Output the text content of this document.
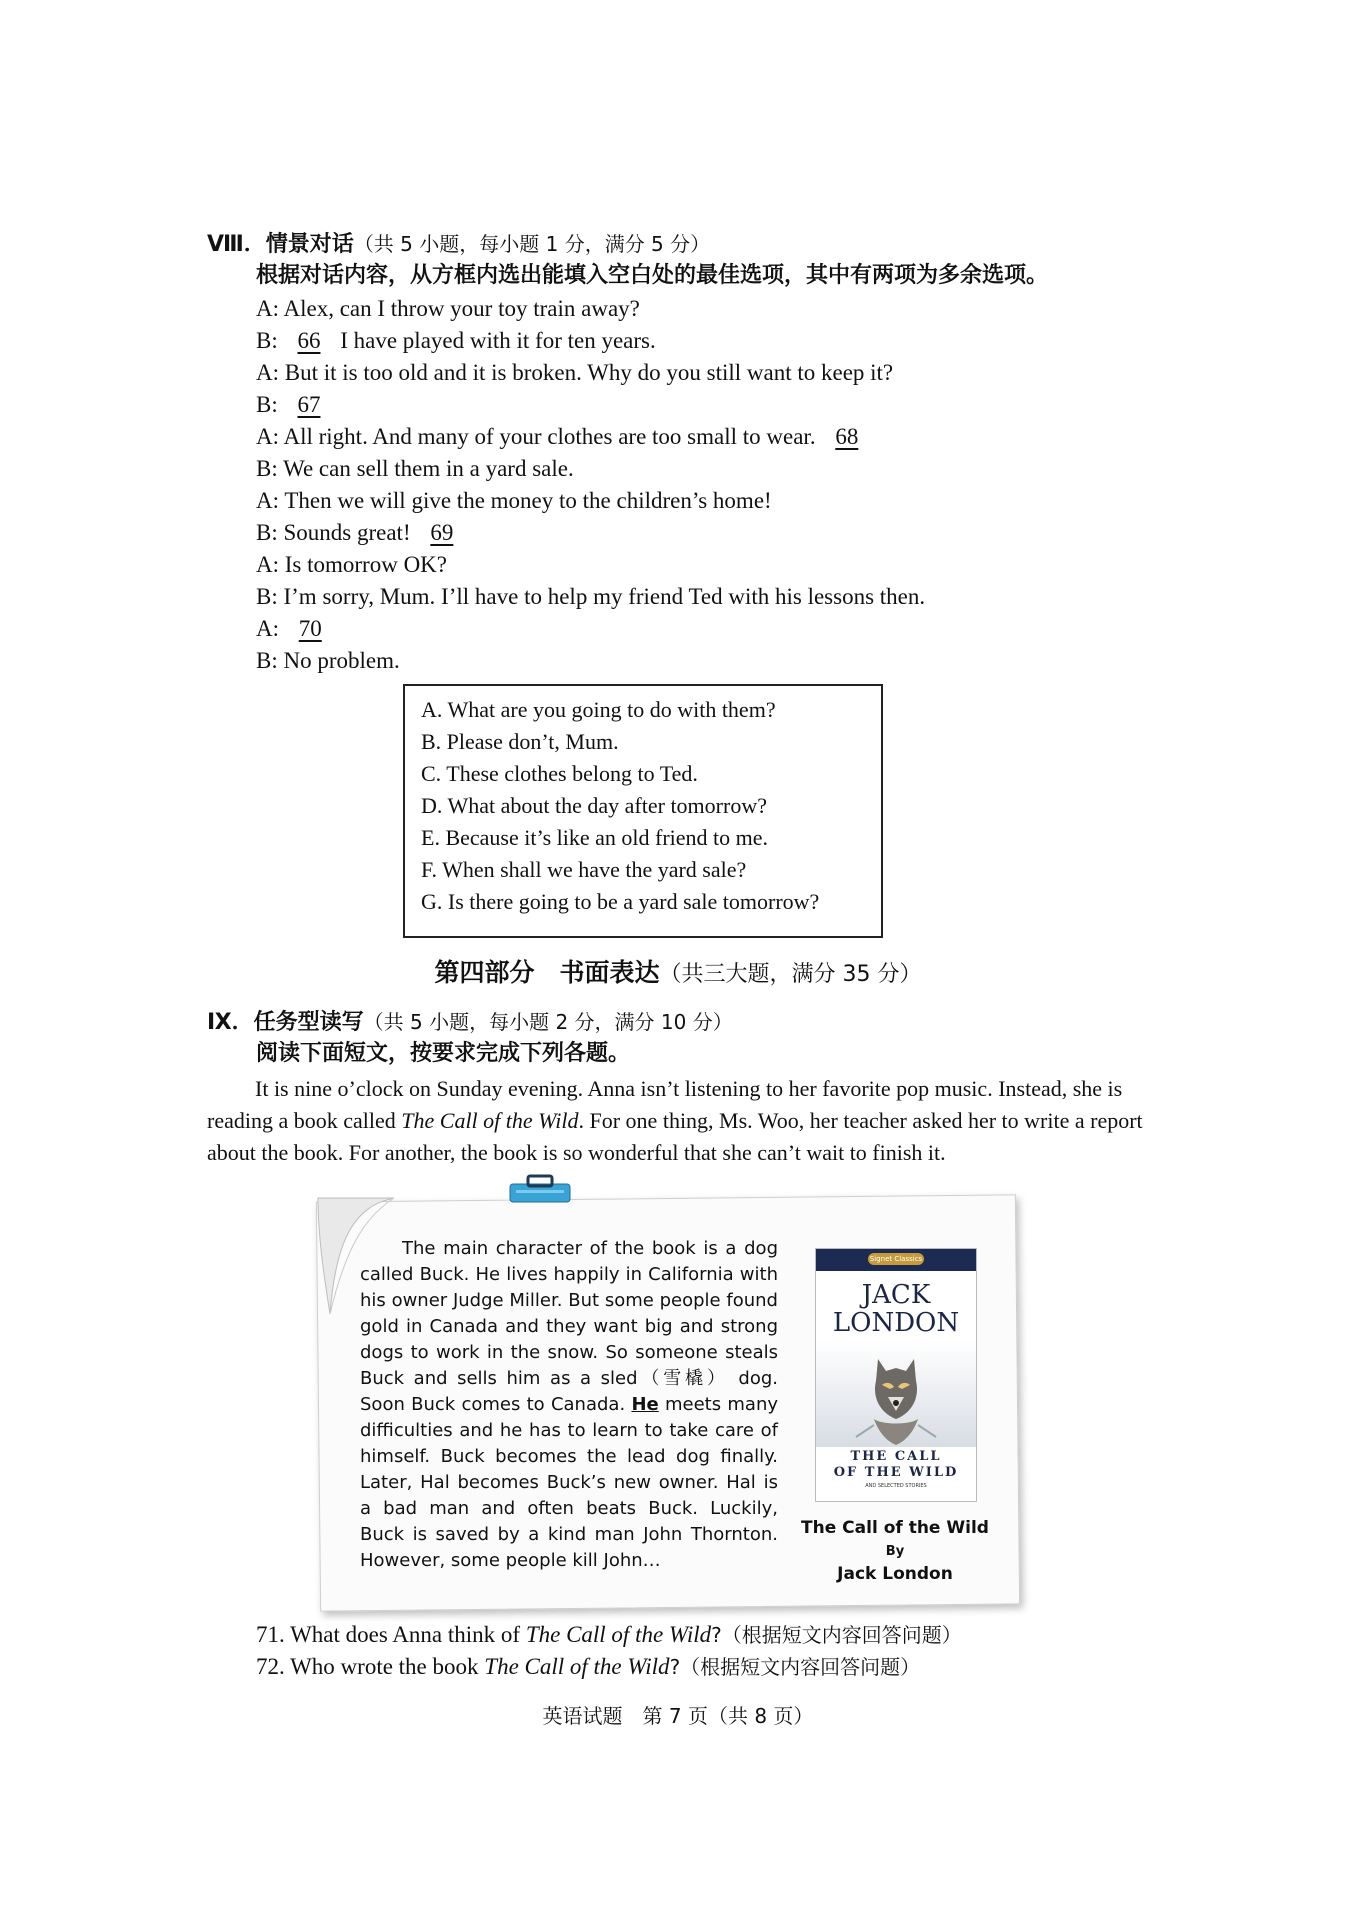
Ⅷ．情景对话（共 5 小题，每小题 1 分，满分 5 分）
根据对话内容，从方框内选出能填入空白处的最佳选项，其中有两项为多余选项。
A: Alex, can I throw your toy train away?
B: 66 I have played with it for ten years.
A: But it is too old and it is broken. Why do you still want to keep it?
B: 67
A: All right. And many of your clothes are too small to wear. 68
B: We can sell them in a yard sale.
A: Then we will give the money to the children’s home!
B: Sounds great! 69
A: Is tomorrow OK?
B: I’m sorry, Mum. I’ll have to help my friend Ted with his lessons then.
A: 70
B: No problem.
A. What are you going to do with them?
B. Please don’t, Mum.
C. These clothes belong to Ted.
D. What about the day after tomorrow?
E. Because it’s like an old friend to me.
F. When shall we have the yard sale?
G. Is there going to be a yard sale tomorrow?
第四部分　书面表达（共三大题，满分 35 分）
Ⅸ．任务型读写（共 5 小题，每小题 2 分，满分 10 分）
阅读下面短文，按要求完成下列各题。
It is nine o’clock on Sunday evening. Anna isn’t listening to her favorite pop music. Instead, she is reading a book called The Call of the Wild. For one thing, Ms. Woo, her teacher asked her to write a report about the book. For another, the book is so wonderful that she can’t wait to finish it.
The main character of the book is a dog called Buck. He lives happily in California with his owner Judge Miller. But some people found gold in Canada and they want big and strong dogs to work in the snow. So someone steals Buck and sells him as a sled（雪橇） dog. Soon Buck comes to Canada. He meets many difficulties and he has to learn to take care of himself. Buck becomes the lead dog finally. Later, Hal becomes Buck’s new owner. Hal is a bad man and often beats Buck. Luckily, Buck is saved by a kind man John Thornton. However, some people kill John…
Signet Classics
JACK
LONDON
THE CALL
OF THE WILD
AND SELECTED STORIES
The Call of the Wild
By
Jack London
71. What does Anna think of The Call of the Wild?（根据短文内容回答问题）
72. Who wrote the book The Call of the Wild?（根据短文内容回答问题）
英语试题　第 7 页（共 8 页）
